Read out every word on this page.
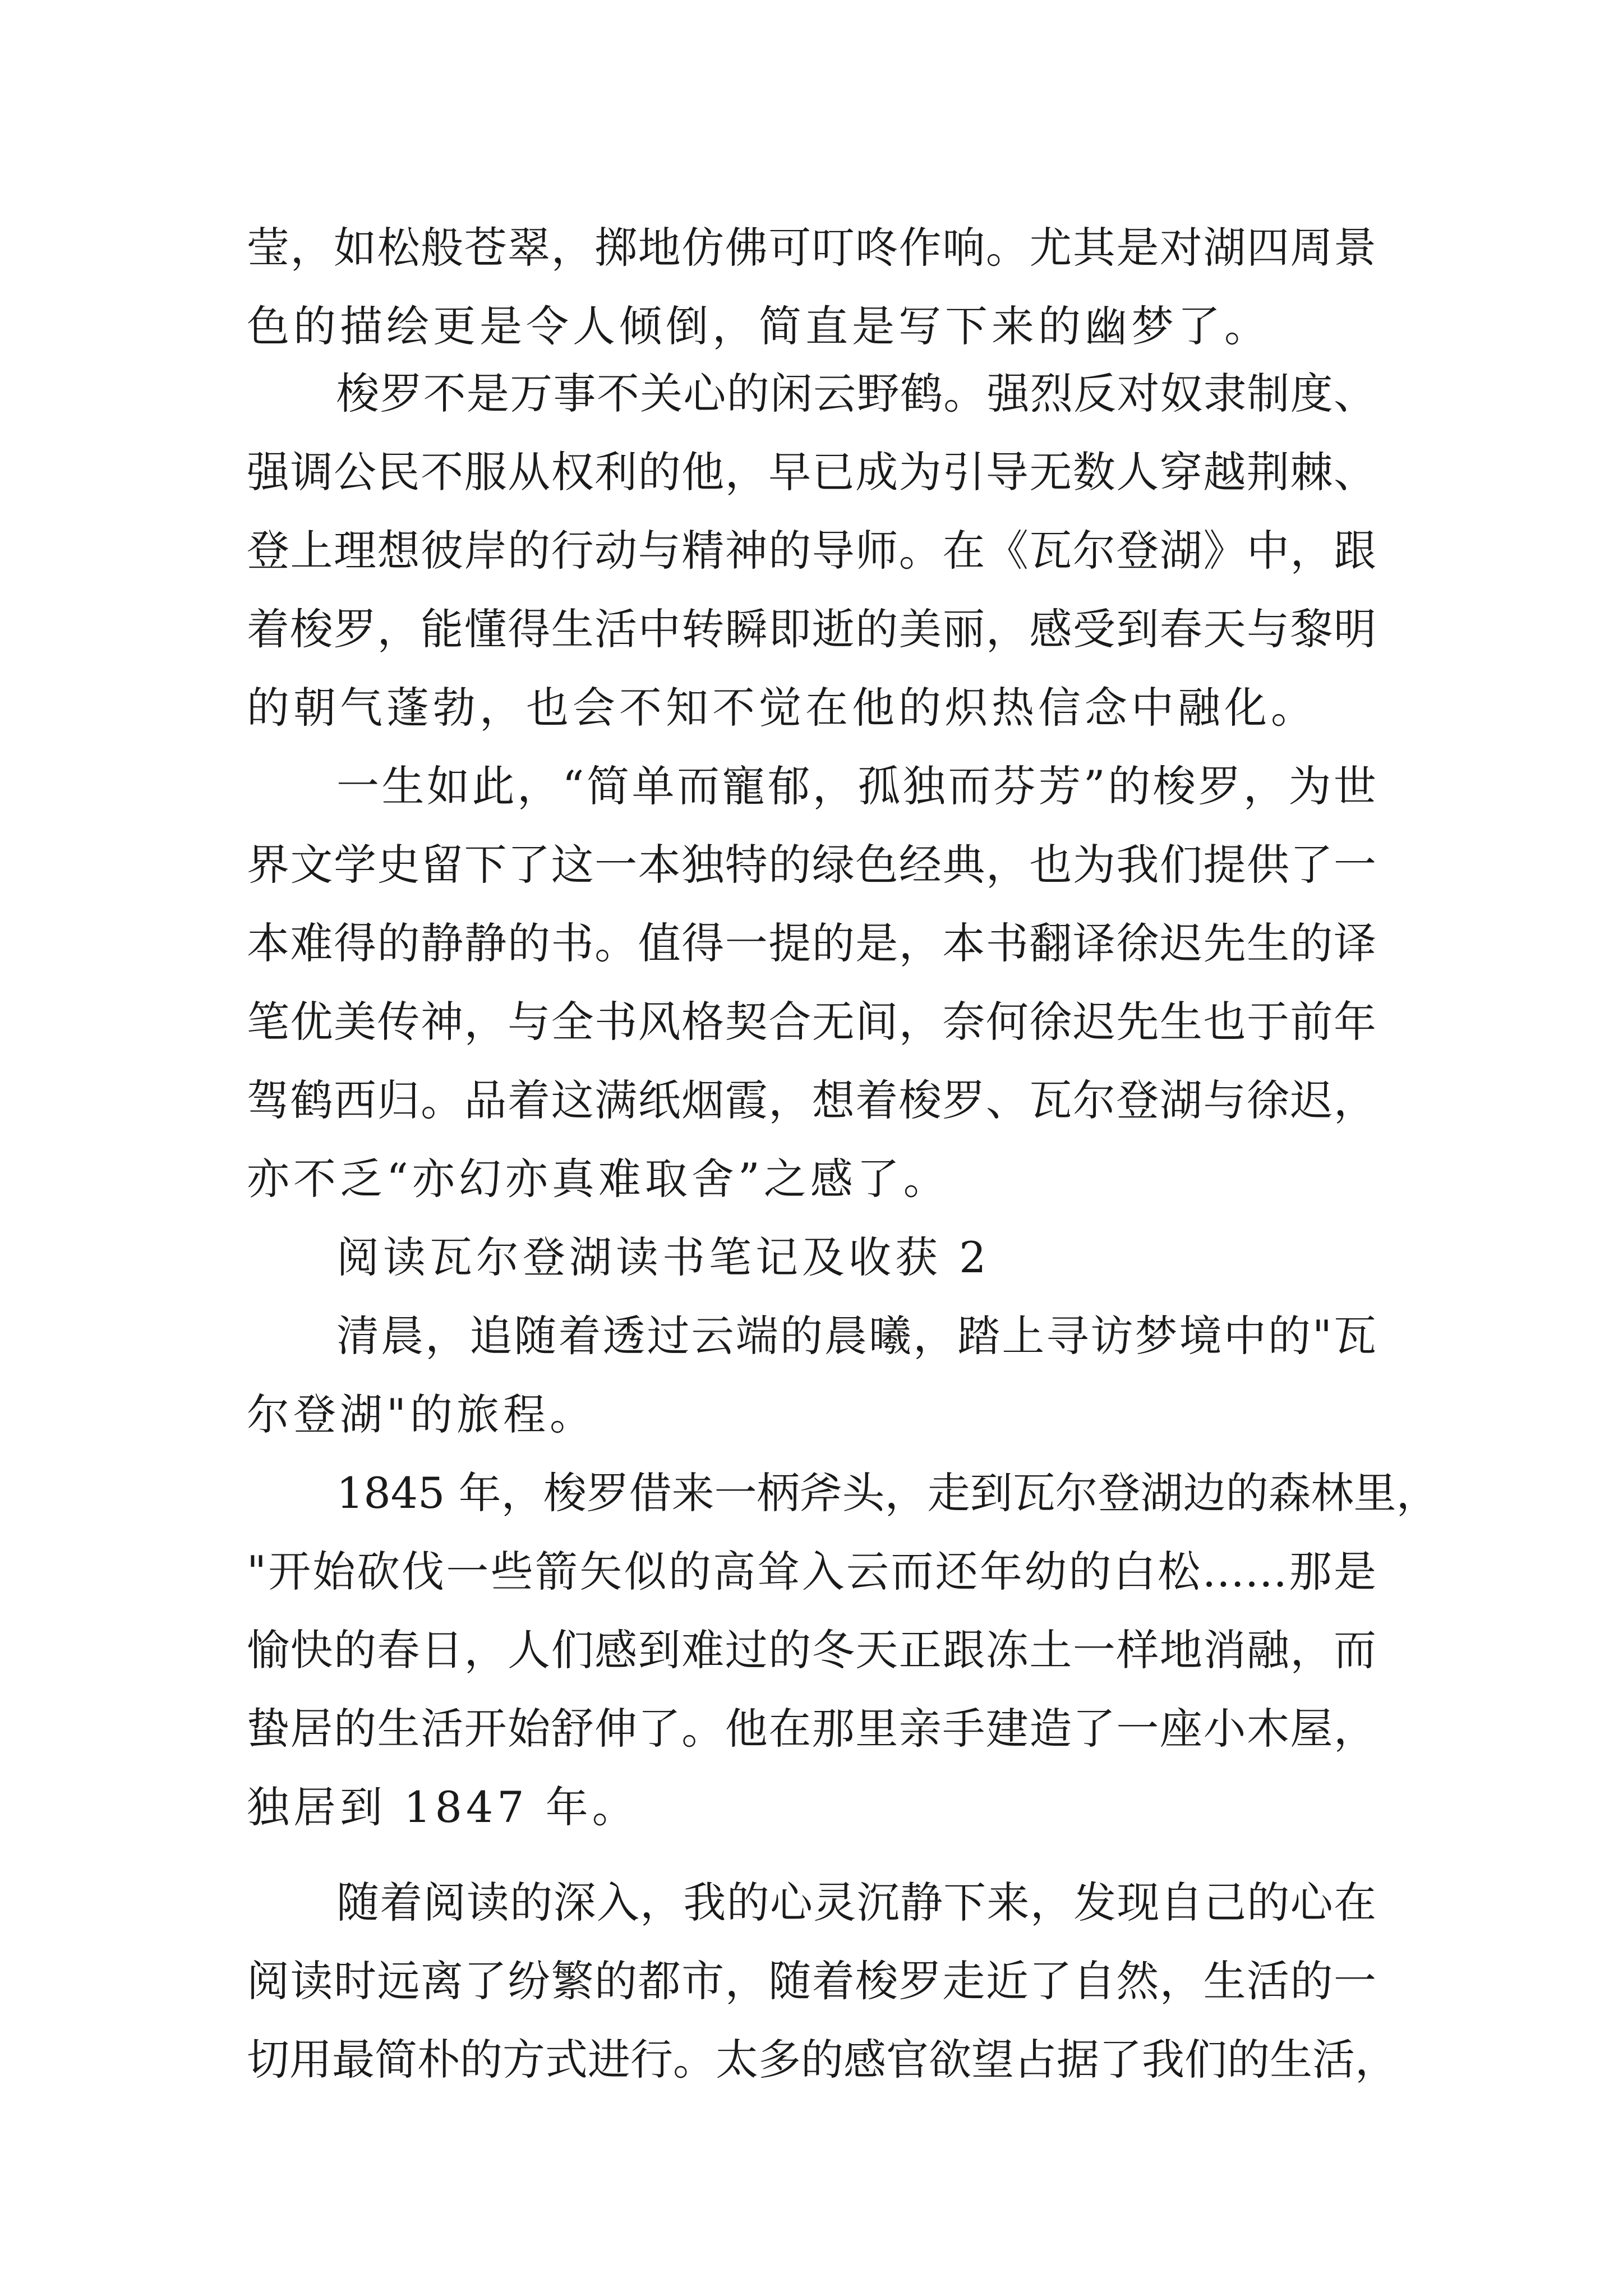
莹，如松般苍翠，掷地仿佛可叮咚作响。尤其是对湖四周景
色的描绘更是令人倾倒，简直是写下来的幽梦了。
梭罗不是万事不关心的闲云野鹤。强烈反对奴隶制度、
强调公民不服从权利的他，早已成为引导无数人穿越荆棘、
登上理想彼岸的行动与精神的导师。在《瓦尔登湖》中，跟
着梭罗，能懂得生活中转瞬即逝的美丽，感受到春天与黎明
的朝气蓬勃，也会不知不觉在他的炽热信念中融化。
一生如此，“简单而寵郁，孤独而芬芳”的梭罗，为世
界文学史留下了这一本独特的绿色经典，也为我们提供了一
本难得的静静的书。值得一提的是，本书翻译徐迟先生的译
笔优美传神，与全书风格契合无间，奈何徐迟先生也于前年
驾鹤西归。品着这满纸烟霞，想着梭罗、瓦尔登湖与徐迟，
亦不乏“亦幻亦真难取舍”之感了。
阅读瓦尔登湖读书笔记及收获 2
清晨，追随着透过云端的晨曦，踏上寻访梦境中的"瓦
尔登湖"的旅程。
1845 年，梭罗借来一柄斧头，走到瓦尔登湖边的森林里，
"开始砍伐一些箭矢似的高耸入云而还年幼的白松……那是
愉快的春日，人们感到难过的冬天正跟冻土一样地消融，而
蛰居的生活开始舒伸了。他在那里亲手建造了一座小木屋，
独居到 1847 年。
随着阅读的深入，我的心灵沉静下来，发现自己的心在
阅读时远离了纷繁的都市，随着梭罗走近了自然，生活的一
切用最简朴的方式进行。太多的感官欲望占据了我们的生活，
